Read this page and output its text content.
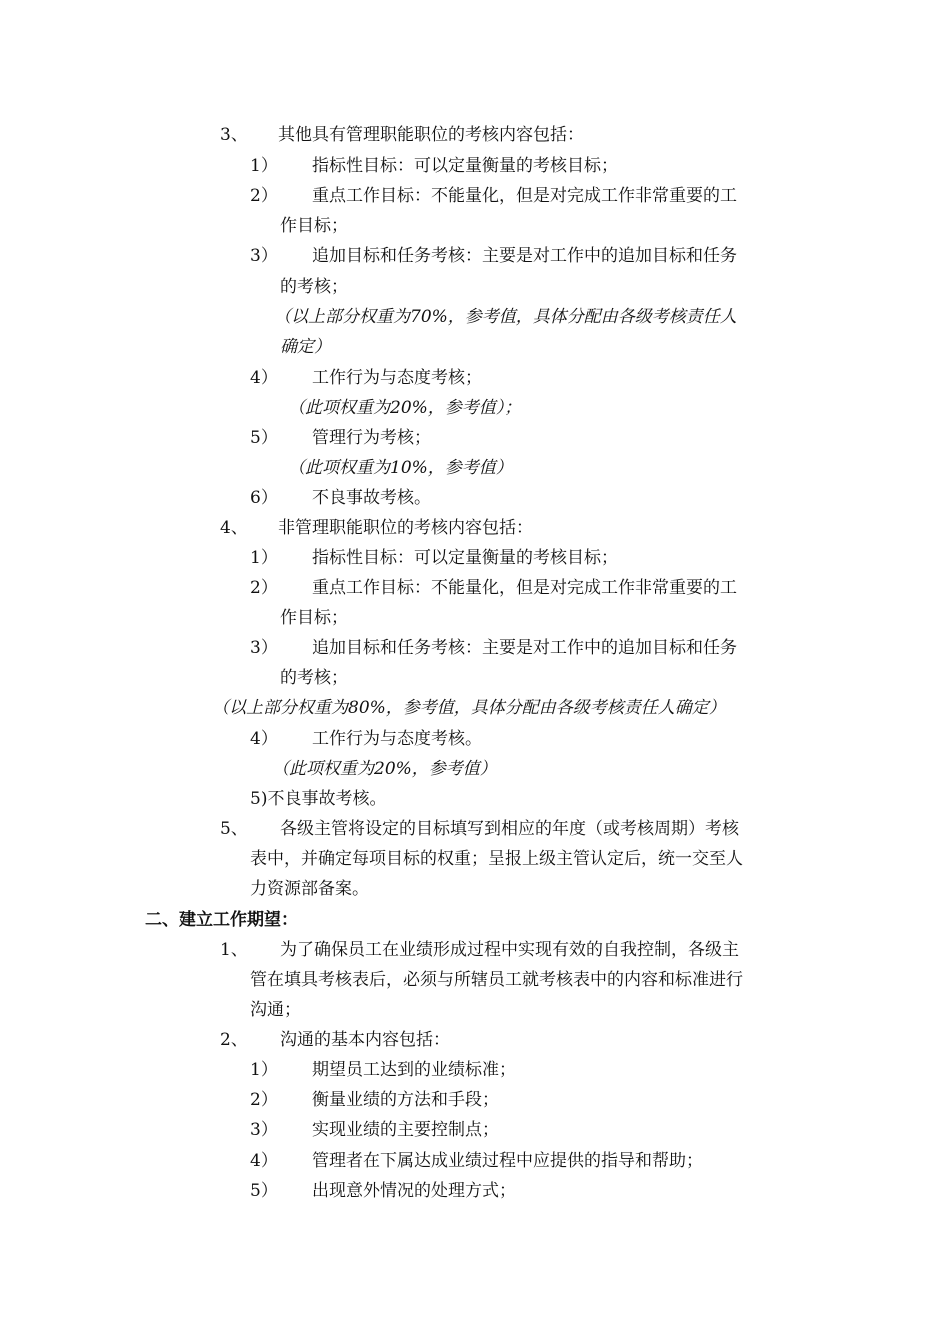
3、 其他具有管理职能职位的考核内容包括：
1） 指标性目标：可以定量衡量的考核目标；
2） 重点工作目标：不能量化，但是对完成工作非常重要的工
作目标；
3） 追加目标和任务考核：主要是对工作中的追加目标和任务
的考核；
（以上部分权重为70%，参考值，具体分配由各级考核责任人
确定）
4） 工作行为与态度考核；
（此项权重为20%，参考值）；
5） 管理行为考核；
（此项权重为10%，参考值）
6） 不良事故考核。
4、 非管理职能职位的考核内容包括：
1） 指标性目标：可以定量衡量的考核目标；
2） 重点工作目标：不能量化，但是对完成工作非常重要的工
作目标；
3） 追加目标和任务考核：主要是对工作中的追加目标和任务
的考核；
（以上部分权重为80%，参考值，具体分配由各级考核责任人确定）
4） 工作行为与态度考核。
（此项权重为20%，参考值）
5)不良事故考核。
5、 各级主管将设定的目标填写到相应的年度（或考核周期）考核
表中，并确定每项目标的权重；呈报上级主管认定后，统一交至人
力资源部备案。
二、建立工作期望：
1、 为了确保员工在业绩形成过程中实现有效的自我控制，各级主
管在填具考核表后，必须与所辖员工就考核表中的内容和标准进行
沟通；
2、 沟通的基本内容包括：
1） 期望员工达到的业绩标准；
2） 衡量业绩的方法和手段；
3） 实现业绩的主要控制点；
4） 管理者在下属达成业绩过程中应提供的指导和帮助；
5） 出现意外情况的处理方式；
